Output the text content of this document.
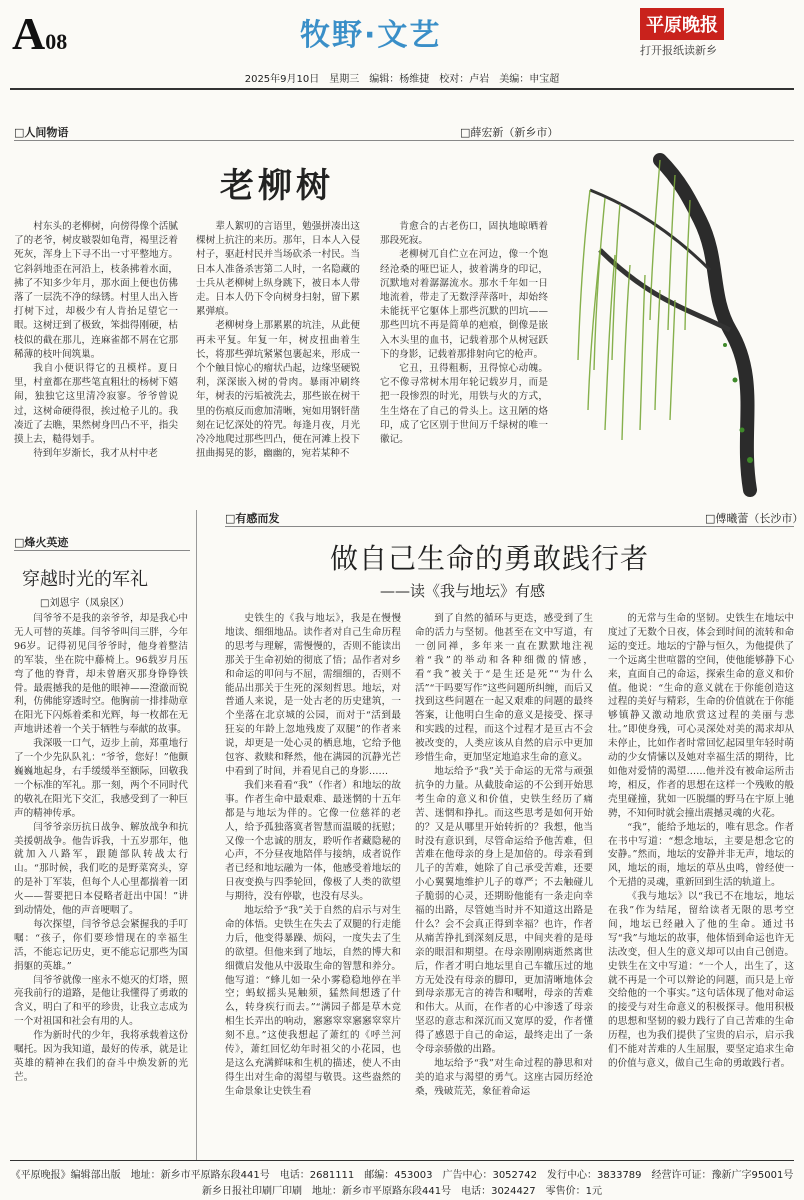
A08	牧野·文艺	平原晚报
打开报纸读新乡
2025年9月10日　星期三　编辑：杨维捷　校对：卢岩　美编：申宝超
□人间物语	□薛宏新（新乡市）
老柳树

村东头的老柳树，向傍得像个活腻了的老爷，树皮皲裂如龟背，褐里泛着死灰，浑身上下寻不出一寸平整地方。它斜斜地歪在河沿上，枝条拂着水面，拂了不知多少年月，那水面上便也仿佛落了一层洗不净的绿锈。村里人出入皆打树下过，却极少有人肯抬足望它一眼。这树迂到了极致，笨拙得刚硬，枯枝似的截在那儿，连麻雀都不屑在它那稀薄的枝叶间筑巢。

我自小便识得它的丑模样。夏日里，村童都在那些笔直粗壮的杨树下嬉闹，独独它这里清冷寂寥。爷爷曾说过，这树命硬得很，挨过枪子儿的。我凑近了去瞧，果然树身凹凸不平，指尖摸上去，糙得划手。

待到年岁渐长，我才从村中老

辈人絮叨的言语里，勉强拼凑出这棵树上抗注的来历。那年，日本人入侵村子，驱赶村民并当场砍杀一村民。当日本人准备杀害第二人时，一名隐藏的士兵从老柳树上纵身跳下，被日本人带走。日本人仍下令向树身扫射，留下累累弹痕。

老柳树身上那累累的坑洼，从此便再未平复。年复一年，树皮扭曲着生长，将那些弹坑紧紧包裹起来，形成一个个触目惊心的瘤状凸起，边缘坚硬锐利，深深嵌入树的骨肉。暴雨冲刷终年，树表的污垢被洗去，那些嵌在树干里的伤痕反而愈加清晰，宛如用钢钎凿刻在记忆深处的符咒。每逢月夜，月光冷冷地爬过那些凹凸，便在河滩上投下扭曲揭晃的影，幽幽的，宛若某种不

肯愈合的古老伤口，固执地晾晒着那段死寂。

老柳树兀自伫立在河边，像一个饱经沧桑的哑巴证人，披着满身的印记，沉默地对着潺潺流水。那水千年如一日地流着，带走了无数浮萍落叶，却始终未能抚平它躯体上那些沉默的凹坑——那些凹坑不再是简单的疤痕，倒像是嵌入木头里的血书，记载着那个从树冠跃下的身影，记载着那排射向它的枪声。

它丑，丑得粗粝，丑得惊心动魄。它不像寻常树木用年轮记载岁月，而是把一段惨烈的时光，用铁与火的方式，生生烙在了自己的骨头上。这丑陋的烙印，成了它区别于世间万千绿树的唯一徽记。

□烽火英迹
穿越时光的军礼
□刘恩宇（凤泉区）

闫爷爷不是我的亲爷爷，却是我心中无人可替的英雄。闫爷爷叫闫三胖，今年96岁。记得初见闫爷爷时，他身着整洁的军装，坐在院中藤椅上。96载岁月压弯了他的脊背，却未曾磨灭那身铮铮铁骨。最震撼我的是他的眼神——澄澈而锐利，仿佛能穿透时空。他胸前一排排勋章在阳光下闪烁着柔和光辉，每一枚都在无声地讲述着一个关于牺牲与奉献的故事。

我深吸一口气，迈步上前，郑重地行了一个少先队队礼：“爷爷，您好！”他颤巍巍地起身，右手缓缓举至额际，回敬我一个标准的军礼。那一刻，两个不同时代的敬礼在阳光下交汇，我感受到了一种巨声的精神传承。

闫爷爷亲历抗日战争、解放战争和抗美援朝战争。他告诉我，十五岁那年，他就加入八路军，跟随部队转战太行山。“那时候，我们吃的是野菜窝头，穿的是补丁军装，但每个人心里都揣着一团火——誓要把日本侵略者赶出中国！”讲到动情处，他的声音哽咽了。

每次探望，闫爷爷总会紧握我的手叮嘱：“孩子，你们要珍惜现在的幸福生活，不能忘记历史，更不能忘记那些为国捐躯的英雄。”

闫爷爷就像一座永不熄灭的灯塔，照亮我前行的道路，是他让我懂得了勇敢的含义，明白了和平的珍贵，让我立志成为一个对祖国和社会有用的人。

作为新时代的少年，我将承载着这份嘱托。因为我知道，最好的传承，就是让英雄的精神在我们的奋斗中焕发新的光芒。

□有感而发	□傅曦蕾（长沙市）
做自己生命的勇敢践行者
——读《我与地坛》有感

史铁生的《我与地坛》，我是在慢慢地读、细细地品。读作者对自己生命历程的思考与理解，需慢慢的，否则不能读出那关于生命初始的彻底了悟；品作者对乡和命运的叩问与不屈，需细细的，否则不能品出那关于生死的深刻哲思。地坛，对普通人来说，是一处古老的历史建筑，一个坐落在北京城的公园，而对于“活到最狂妄的年龄上忽地残废了双腿”的作者来说，却更是一处心灵的栖息地，它给予他包容、救赎和释然，他在满园的沉静光芒中看到了时间，并看见自己的身影……

我们来看看“我”（作者）和地坛的故事。作者生命中最艰难、最迷惘的十五年都是与地坛为伴的。它像一位慈祥的老人，给予孤独落寞者智慧而温暖的抚慰；又像一个忠诚的朋友，聆听作者藏隐秘的心声，不分昼夜地陪伴与接纳，成者说作者已经和地坛融为一体，他感受着地坛的日夜变换与四季轮回，像极了人类的欲望与期待，没有停歇，也没有尽头。

地坛给予“我”关于自然的启示与对生命的体悟。史铁生在失去了双腿的行走能力后，他变得暴躁、烦闷，一度失去了生的欲望。但他来到了地坛，自然的博大和细微启发他从中汲取生命的智慧和养分。他写道：“蜂儿如一朵小雾稳稳地停在半空；蚂蚁摇头晃触须，猛然间想透了什么，转身疾行而去。”“满园子都是草木竞相生长弄出的响动，窸窸窣窣窸窸窣窣片刻不息。”这使我想起了萧红的《呼兰河传》，萧红回忆幼年时祖父的小花园，也是这么充满鲜味和生机的描述，使人不由得生出对生命的渴望与敬畏。这些盎然的生命景象让史铁生看

到了自然的循环与更迭，感受到了生命的活力与坚韧。他甚至在文中写道，有一创同禅，多年来一直在默默地注视着“我”的举动和各种细微的情感，看“我”被关于“是生还是死”“为什么活”“干吗要写作”这些问题所纠缠，而后又找到这些问题在一起又艰难的问题的最终答案，让他明白生命的意义是接受、探寻和实践的过程，而这个过程才是亘古不会被改变的，人类应该从自然的启示中更加珍惜生命，更加坚定地追求生命的意义。

地坛给予“我”关于命运的无常与顽强抗争的力量。从截肢命运的不公到开始思考生命的意义和价值，史铁生经历了痛苦、迷惘和挣扎。而这些思考是如何开始的？又是从哪里开始转折的？我想，他当时没有意识到，尽管命运给予他苦难，但苦难在他母亲的身上是加倍的。母亲看到儿子的苦难，她除了自己承受苦难，还要小心翼翼地维护儿子的尊严；不去触碰儿子脆弱的心灵，还期盼他能有一条走向幸福的出路，尽管她当时并不知道这出路是什么？会不会真正得到幸福？也许，作者从痛苦挣扎到深刻反思，中间夹着的是母亲的眼泪和期望。在母亲刚刚病逝然离世后，作者才明白地坛里自己车辙压过的地方无处没有母亲的脚印，更加清晰地体会到母亲那无言的祷告和嘱咐，母亲的苦难和伟大。从而，在作者的心中渗透了母亲坚忍的意志和深沉而又宽厚的爱，作者懂得了感恩于自己的命运，最终走出了一条令母亲骄傲的出路。

地坛给予“我”对生命过程的静思和对美的追求与渴望的勇气。这座古园历经沧桑，残破荒芜，象征着命运

的无常与生命的坚韧。史铁生在地坛中度过了无数个日夜，体会到时间的流转和命运的变迁。地坛的宁静与恒久，为他提供了一个远离尘世喧嚣的空间，使他能够静下心来，直面自己的命运，探索生命的意义和价值。他说：“生命的意义就在于你能创造这过程的美好与精彩，生命的价值就在于你能够镇静又激动地欣赏这过程的美丽与悲壮。”即使身残，可心灵深处对美的渴求却从未停止，比如作者时常回忆起园里年轻时萌动的少女情愫以及她对幸福生活的期待，比如他对爱情的渴望……他并没有被命运所击垮，相反，作者的思想在这样一个残败的般壳里碰撞，犹如一匹脱缰的野马在宇原上驰骋，不知何时就会撞出震撼灵魂的火花。

“我”，能给予地坛的，唯有思念。作者在书中写道：“想念地坛，主要是想念它的安静。”然而，地坛的安静并非无声，地坛的风，地坛的雨，地坛的草丛虫鸣，曾经使一个无措的灵魂，重新回到生活的轨道上。

《我与地坛》以“我已不在地坛，地坛在我”作为结尾，留给读者无限的思考空间，地坛已经融入了他的生命。通过书写“我”与地坛的故事，他体悟到命运也许无法改变，但人生的意义却可以由自己创造。史铁生在文中写道：“一个人，出生了，这就不再是一个可以辩论的问题，而只是上帝交给他的一个事实。”这句话体现了他对命运的接受与对生命意义的积极探寻。他用积极的思想和坚韧的毅力践行了自己苦难的生命历程，也为我们提供了宝贵的启示，启示我们不能对苦难的人生屈服，要坚定追求生命的价值与意义，做自己生命的勇敢践行者。

《平原晚报》编辑部出版　地址：新乡市平原路东段441号　电话：2681111　邮编：453003　广告中心：3052742　发行中心：3833789　经营许可证：豫新广字95001号
新乡日报社印刷厂印刷　地址：新乡市平原路东段441号　电话：3024427　零售价：1元
